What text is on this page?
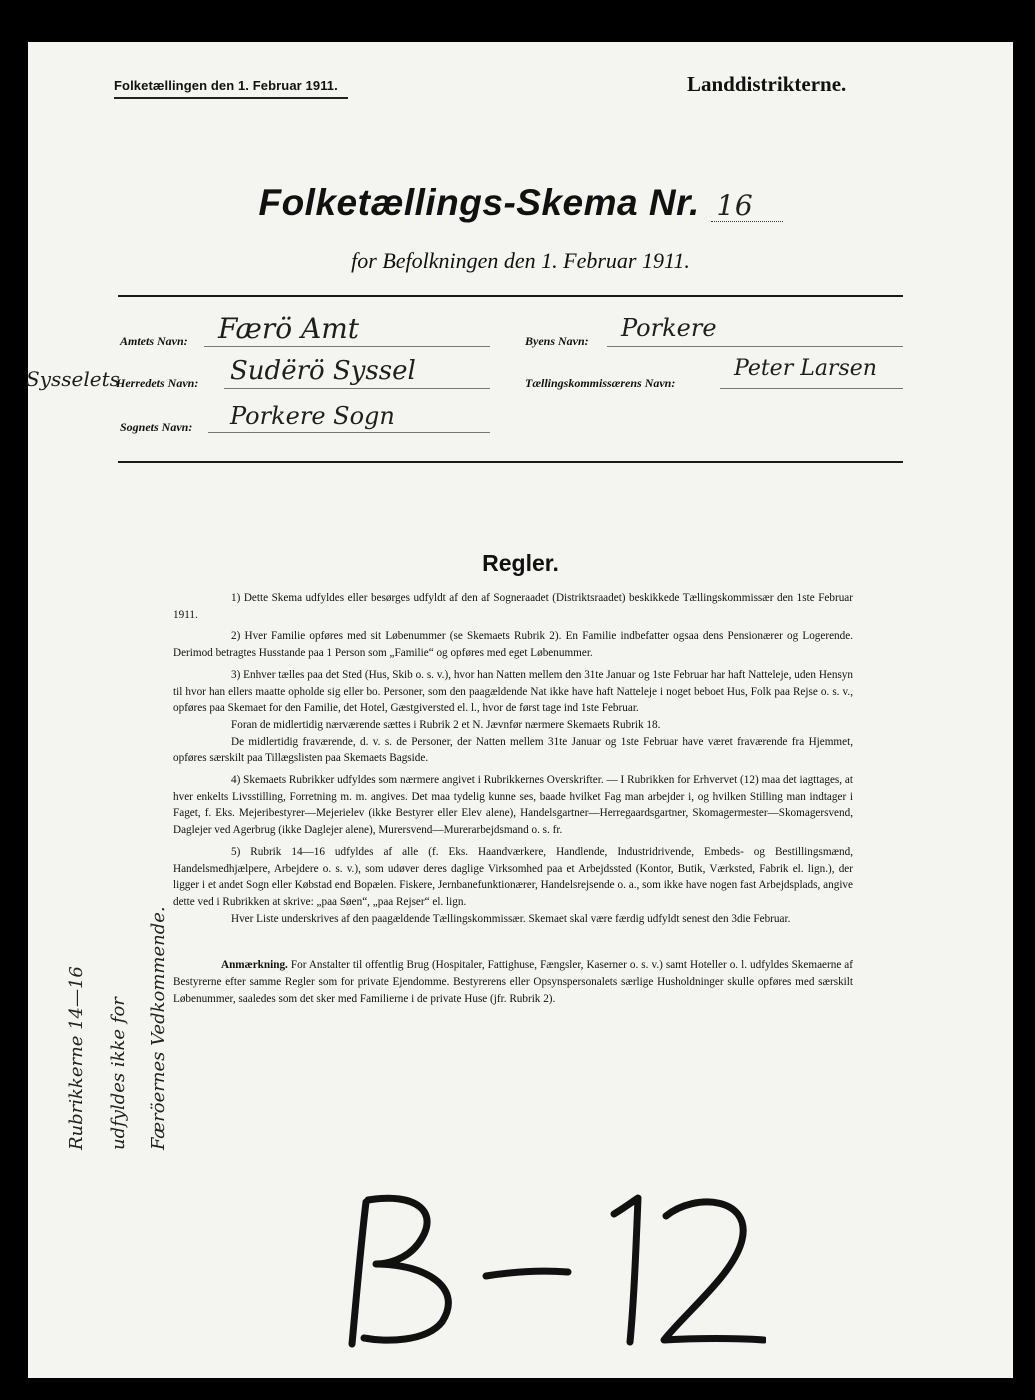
Folketællingen den 1. Februar 1911.	Landdistrikterne.
Folketællings-Skema Nr. 16
for Befolkningen den 1. Februar 1911.
Amtets Navn: Færö Amt	Byens Navn: Porkere
Sysselets
Herredets Navn: Sudërö Syssel	Tællingskommissærens Navn:
Peter Larsen
Sognets Navn: Porkere Sogn
Regler.

1) Dette Skema udfyldes eller besørges udfyldt af den af Sogneraadet (Distriktsraadet) beskikkede Tællingskommissær den 1ste Februar 1911.

2) Hver Familie opføres med sit Løbenummer (se Skemaets Rubrik 2). En Familie indbefatter ogsaa dens Pensionærer og Logerende. Derimod betragtes Husstande paa 1 Person som „Familie“ og opføres med eget Løbenummer.

3) Enhver tælles paa det Sted (Hus, Skib o. s. v.), hvor han Natten mellem den 31te Januar og 1ste Februar har haft Natteleje, uden Hensyn til hvor han ellers maatte opholde sig eller bo. Personer, som den paagældende Nat ikke have haft Natteleje i noget beboet Hus, Folk paa Rejse o. s. v., opføres paa Skemaet for den Familie, det Hotel, Gæstgiversted el. l., hvor de først tage ind 1ste Februar.

Foran de midlertidig nærværende sættes i Rubrik 2 et N. Jævnfør nærmere Skemaets Rubrik 18.

De midlertidig fraværende, d. v. s. de Personer, der Natten mellem 31te Januar og 1ste Februar have været fraværende fra Hjemmet, opføres særskilt paa Tillægslisten paa Skemaets Bagside.

4) Skemaets Rubrikker udfyldes som nærmere angivet i Rubrikkernes Overskrifter. — I Rubrikken for Erhvervet (12) maa det iagttages, at hver enkelts Livsstilling, Forretning m. m. angives. Det maa tydelig kunne ses, baade hvilket Fag man arbejder i, og hvilken Stilling man indtager i Faget, f. Eks. Mejeribestyrer—Mejerielev (ikke Bestyrer eller Elev alene), Handelsgartner—Herregaardsgartner, Skomagermester—Skomagersvend, Daglejer ved Agerbrug (ikke Daglejer alene), Murersvend—Murerarbejdsmand o. s. fr.

5) Rubrik 14—16 udfyldes af alle (f. Eks. Haandværkere, Handlende, Industridrivende, Embeds- og Bestillingsmænd, Handelsmedhjælpere, Arbejdere o. s. v.), som udøver deres daglige Virksomhed paa et Arbejdssted (Kontor, Butik, Værksted, Fabrik el. lign.), der ligger i et andet Sogn eller Købstad end Bopælen. Fiskere, Jernbanefunktionærer, Handelsrejsende o. a., som ikke have nogen fast Arbejdsplads, angive dette ved i Rubrikken at skrive: „paa Søen“, „paa Rejser“ el. lign.

Hver Liste underskrives af den paagældende Tællingskommissær. Skemaet skal være færdig udfyldt senest den 3die Februar.

Anmærkning. For Anstalter til offentlig Brug (Hospitaler, Fattighuse, Fængsler, Kaserner o. s. v.) samt Hoteller o. l. udfyldes Skemaerne af Bestyrerne efter samme Regler som for private Ejendomme. Bestyrerens eller Opsynspersonalets særlige Husholdninger skulle opføres med særskilt Løbenummer, saaledes som det sker med Familierne i de private Huse (jfr. Rubrik 2).

Rubrikkerne 14—16 udfyldes ikke for Færöernes Vedkommende.
